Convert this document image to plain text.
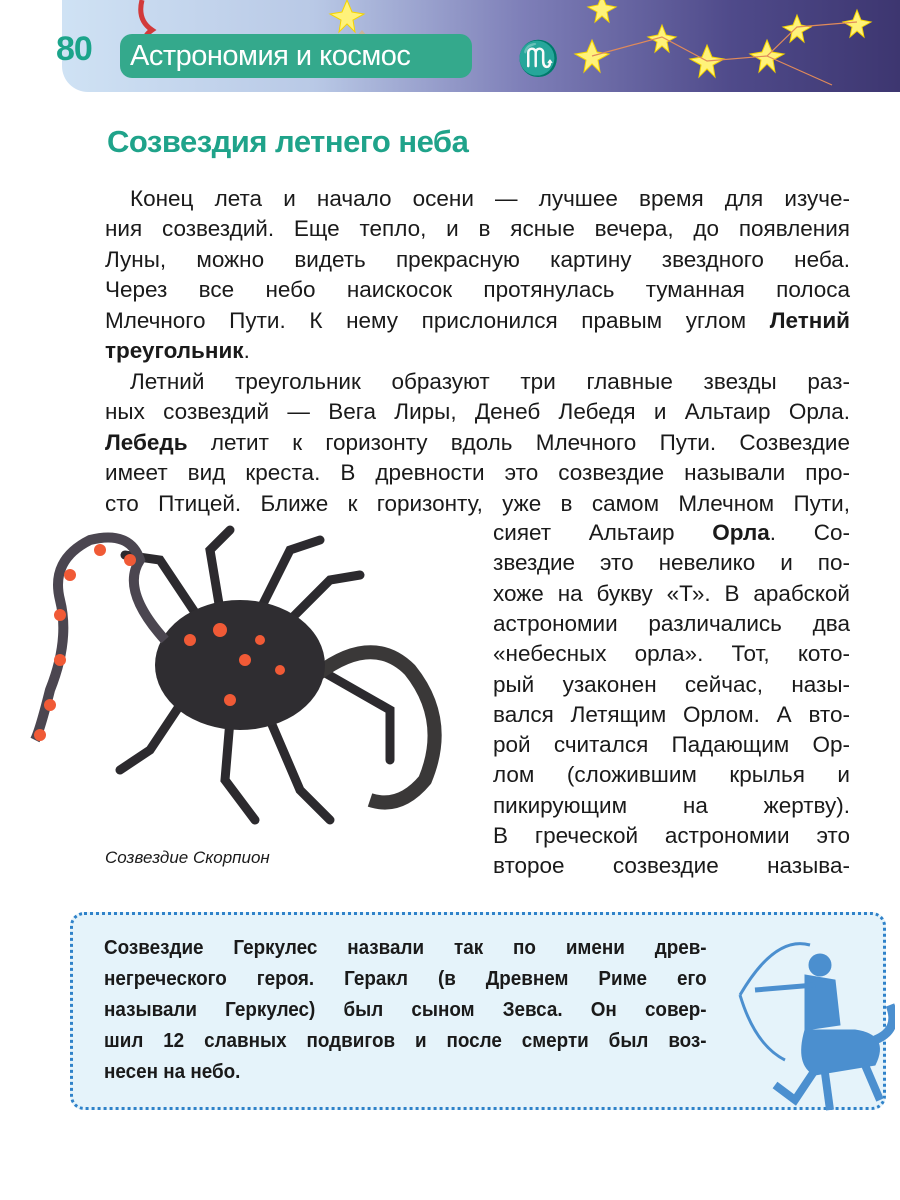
♏
80	Астрономия и космос
Созвездия летнего неба
Конец лета и начало осени — лучшее время для изуче-
ния созвездий. Еще тепло, и в ясные вечера, до появления
Луны, можно видеть прекрасную картину звездного неба.
Через все небо наискосок протянулась туманная полоса
Млечного Пути. К нему прислонился правым углом Летний
треугольник.
Летний треугольник образуют три главные звезды раз-
ных созвездий — Вега Лиры, Денеб Лебедя и Альтаир Орла.
Лебедь летит к горизонту вдоль Млечного Пути. Созвездие
имеет вид креста. В древности это созвездие называли про-
сто Птицей. Ближе к горизонту, уже в самом Млечном Пути,
сияет Альтаир Орла. Со-
звездие это невелико и по-
хоже на букву «Т». В арабской
астрономии различались два
«небесных орла». Тот, кото-
рый узаконен сейчас, назы-
вался Летящим Орлом. А вто-
рой считался Падающим Ор-
лом (сложившим крылья и
пикирующим на жертву).
В греческой астрономии это
второе созвездие называ-
Созвездие Скорпион
Созвездие Геркулес назвали так по имени древ-
негреческого героя. Геракл (в Древнем Риме его
называли Геркулес) был сыном Зевса. Он совер-
шил 12 славных подвигов и после смерти был воз-
несен на небо.
